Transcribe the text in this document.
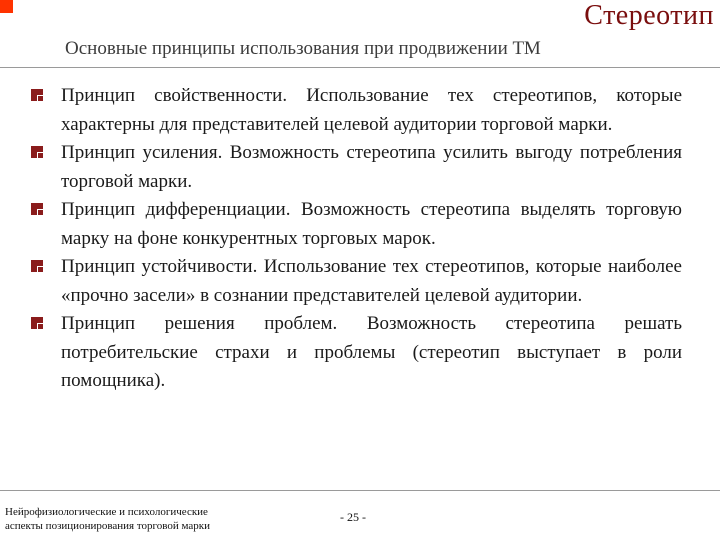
Стереотип
Основные принципы использования при продвижении ТМ
Принцип свойственности. Использование тех стереотипов, которые характерны для представителей целевой аудитории торговой марки.
Принцип усиления. Возможность стереотипа усилить выгоду потребления торговой марки.
Принцип дифференциации. Возможность стереотипа выделять торговую марку на фоне конкурентных торговых марок.
Принцип устойчивости. Использование тех стереотипов, которые наиболее «прочно засели» в сознании представителей целевой аудитории.
Принцип решения проблем. Возможность стереотипа решать потребительские страхи и проблемы (стереотип выступает в роли помощника).
Нейрофизиологические и психологические
аспекты позиционирования торговой марки
- 25 -
